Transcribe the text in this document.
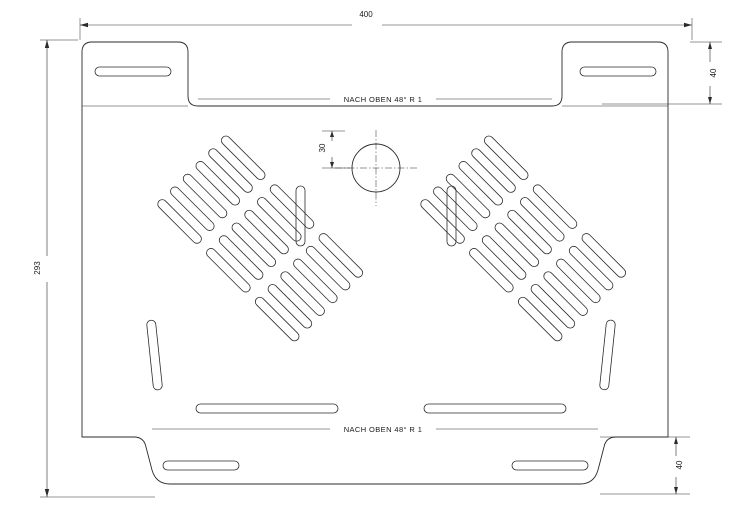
400
293
40
40
30
NACH OBEN 48° R 1
NACH OBEN 48° R 1
